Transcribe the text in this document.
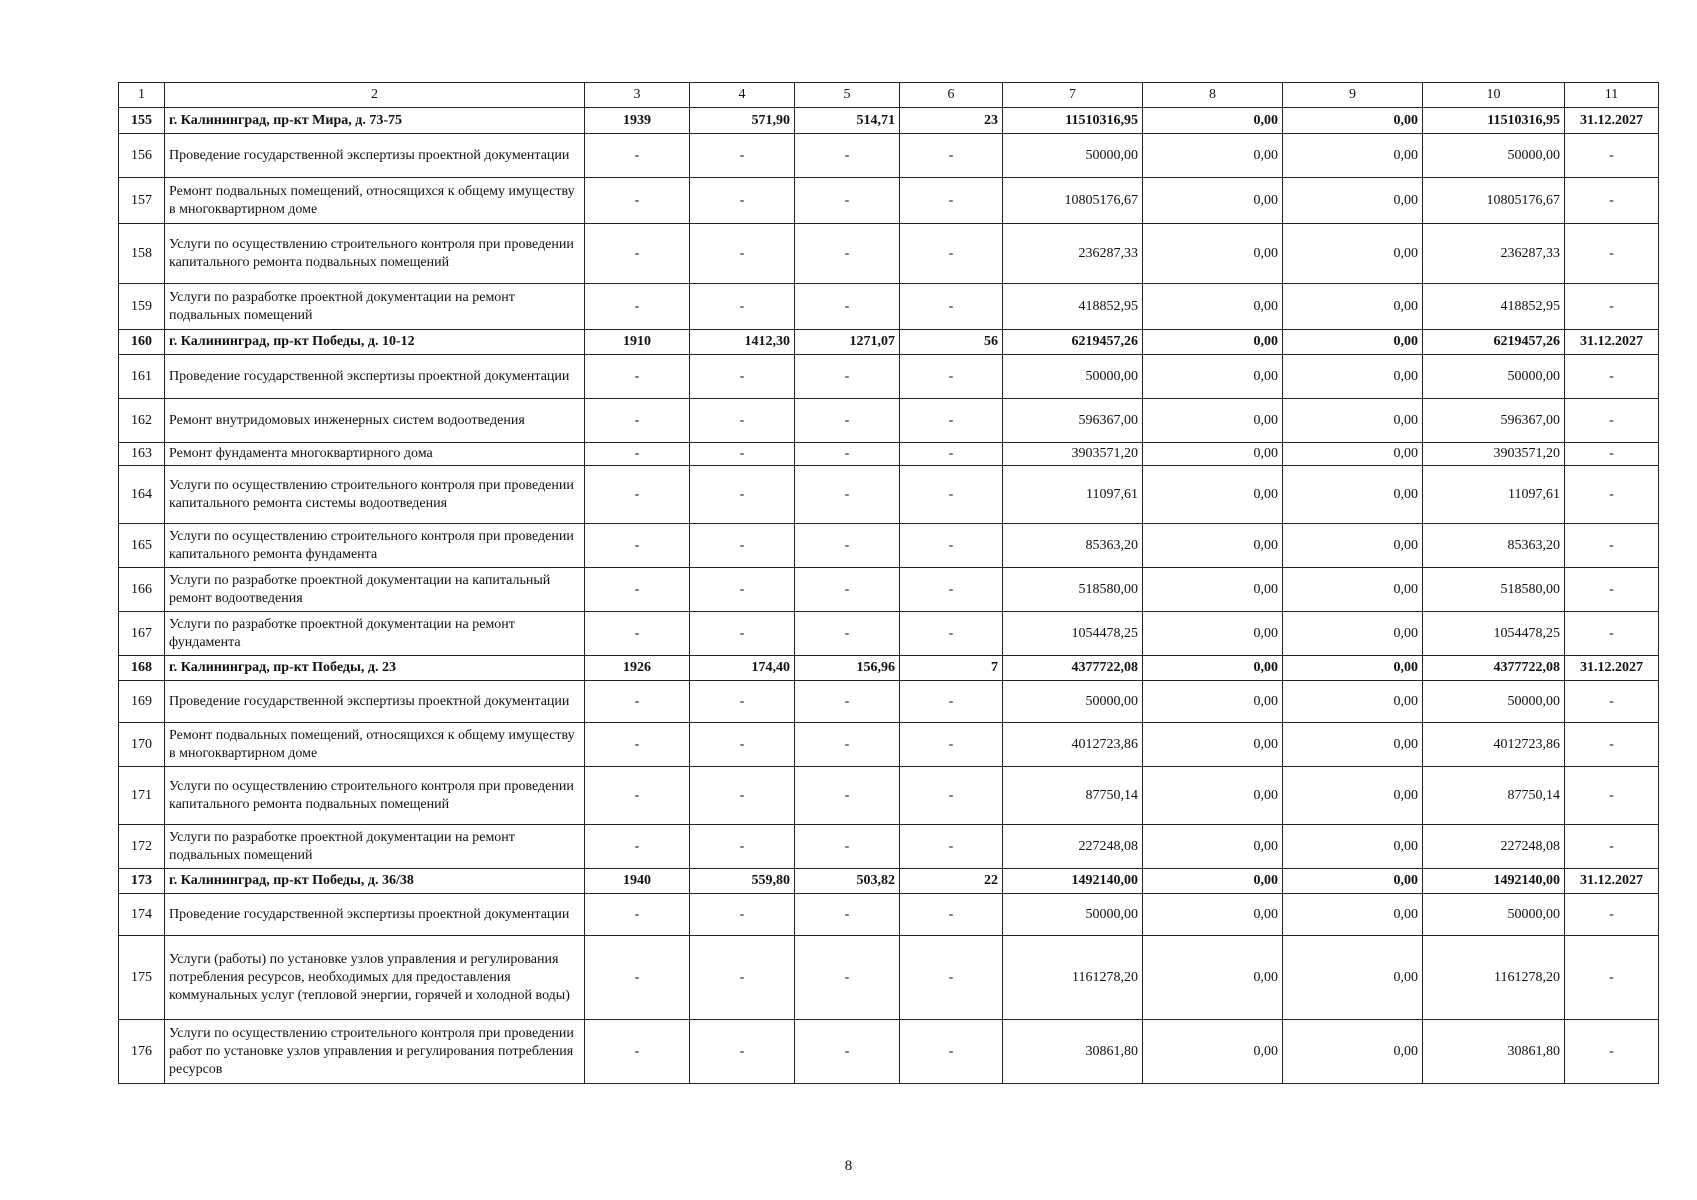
1	2	3	4	5	6	7	8	9	10	11
155	г. Калининград, пр-кт Мира, д. 73-75	1939	571,90	514,71	23	11510316,95	0,00	0,00	11510316,95	31.12.2027
156	Проведение государственной экспертизы проектной документации	-	-	-	-	50000,00	0,00	0,00	50000,00	-
157	Ремонт подвальных помещений, относящихся к общему имуществу в многоквартирном доме	-	-	-	-	10805176,67	0,00	0,00	10805176,67	-
158	Услуги по осуществлению строительного контроля при проведении капитального ремонта подвальных помещений	-	-	-	-	236287,33	0,00	0,00	236287,33	-
159	Услуги по разработке проектной документации на ремонт подвальных помещений	-	-	-	-	418852,95	0,00	0,00	418852,95	-
160	г. Калининград, пр-кт Победы, д. 10-12	1910	1412,30	1271,07	56	6219457,26	0,00	0,00	6219457,26	31.12.2027
161	Проведение государственной экспертизы проектной документации	-	-	-	-	50000,00	0,00	0,00	50000,00	-
162	Ремонт внутридомовых инженерных систем водоотведения	-	-	-	-	596367,00	0,00	0,00	596367,00	-
163	Ремонт фундамента многоквартирного дома	-	-	-	-	3903571,20	0,00	0,00	3903571,20	-
164	Услуги по осуществлению строительного контроля при проведении капитального ремонта системы водоотведения	-	-	-	-	11097,61	0,00	0,00	11097,61	-
165	Услуги по осуществлению строительного контроля при проведении капитального ремонта фундамента	-	-	-	-	85363,20	0,00	0,00	85363,20	-
166	Услуги по разработке проектной документации на капитальный ремонт водоотведения	-	-	-	-	518580,00	0,00	0,00	518580,00	-
167	Услуги по разработке проектной документации на ремонт фундамента	-	-	-	-	1054478,25	0,00	0,00	1054478,25	-
168	г. Калининград, пр-кт Победы, д. 23	1926	174,40	156,96	7	4377722,08	0,00	0,00	4377722,08	31.12.2027
169	Проведение государственной экспертизы проектной документации	-	-	-	-	50000,00	0,00	0,00	50000,00	-
170	Ремонт подвальных помещений, относящихся к общему имуществу в многоквартирном доме	-	-	-	-	4012723,86	0,00	0,00	4012723,86	-
171	Услуги по осуществлению строительного контроля при проведении капитального ремонта подвальных помещений	-	-	-	-	87750,14	0,00	0,00	87750,14	-
172	Услуги по разработке проектной документации на ремонт подвальных помещений	-	-	-	-	227248,08	0,00	0,00	227248,08	-
173	г. Калининград, пр-кт Победы, д. 36/38	1940	559,80	503,82	22	1492140,00	0,00	0,00	1492140,00	31.12.2027
174	Проведение государственной экспертизы проектной документации	-	-	-	-	50000,00	0,00	0,00	50000,00	-
175	Услуги (работы) по установке узлов управления и регулирования потребления ресурсов, необходимых для предоставления коммунальных услуг (тепловой энергии, горячей и холодной воды)	-	-	-	-	1161278,20	0,00	0,00	1161278,20	-
176	Услуги по осуществлению строительного контроля при проведении работ по установке узлов управления и регулирования потребления ресурсов	-	-	-	-	30861,80	0,00	0,00	30861,80	-
8
